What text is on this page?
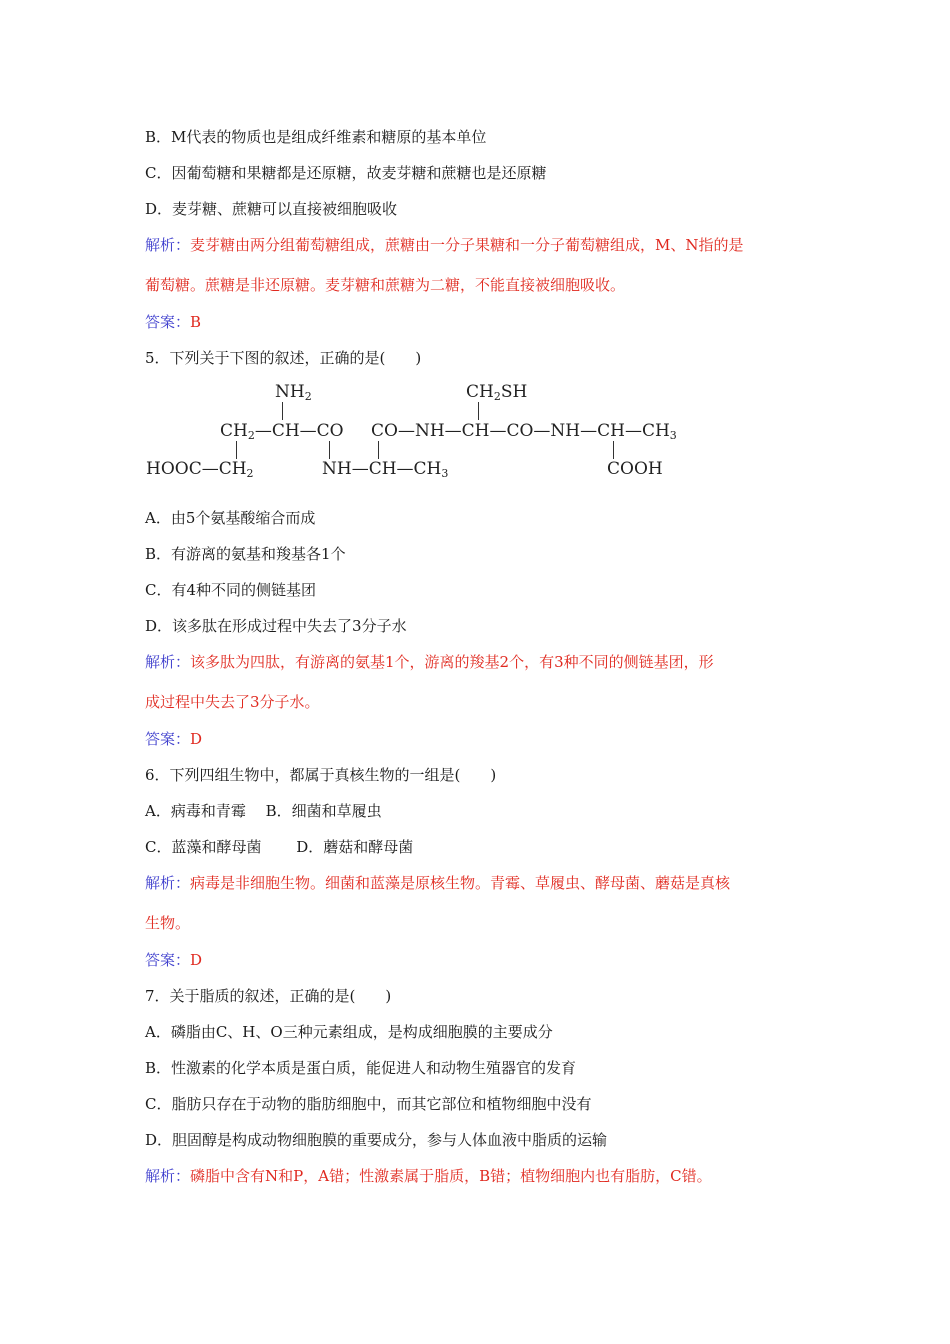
B．M代表的物质也是组成纤维素和糖原的基本单位
C．因葡萄糖和果糖都是还原糖，故麦芽糖和蔗糖也是还原糖
D．麦芽糖、蔗糖可以直接被细胞吸收
解析：麦芽糖由两分组葡萄糖组成，蔗糖由一分子果糖和一分子葡萄糖组成，M、N指的是
葡萄糖。蔗糖是非还原糖。麦芽糖和蔗糖为二糖，不能直接被细胞吸收。
答案：B
5．下列关于下图的叙述，正确的是(　　)
$NH_2$	$CH_2SH$
$CH_2—CH—CO$ $CO—NH—CH—CO—NH—CH—CH_3$
$HOOC—CH_2$	$NH—CH—CH_3$	COOH
A．由5个氨基酸缩合而成
B．有游离的氨基和羧基各1个
C．有4种不同的侧链基团
D．该多肽在形成过程中失去了3分子水
解析：该多肽为四肽，有游离的氨基1个，游离的羧基2个，有3种不同的侧链基团，形
成过程中失去了3分子水。
答案：D
6．下列四组生物中，都属于真核生物的一组是(　　)
A．病毒和青霉　 B．细菌和草履虫
C．蓝藻和酵母菌　　 D．蘑菇和酵母菌
解析：病毒是非细胞生物。细菌和蓝藻是原核生物。青霉、草履虫、酵母菌、蘑菇是真核
生物。
答案：D
7．关于脂质的叙述，正确的是(　　)
A．磷脂由C、H、O三种元素组成，是构成细胞膜的主要成分
B．性激素的化学本质是蛋白质，能促进人和动物生殖器官的发育
C．脂肪只存在于动物的脂肪细胞中，而其它部位和植物细胞中没有
D．胆固醇是构成动物细胞膜的重要成分，参与人体血液中脂质的运输
解析：磷脂中含有N和P，A错；性激素属于脂质，B错；植物细胞内也有脂肪，C错。
